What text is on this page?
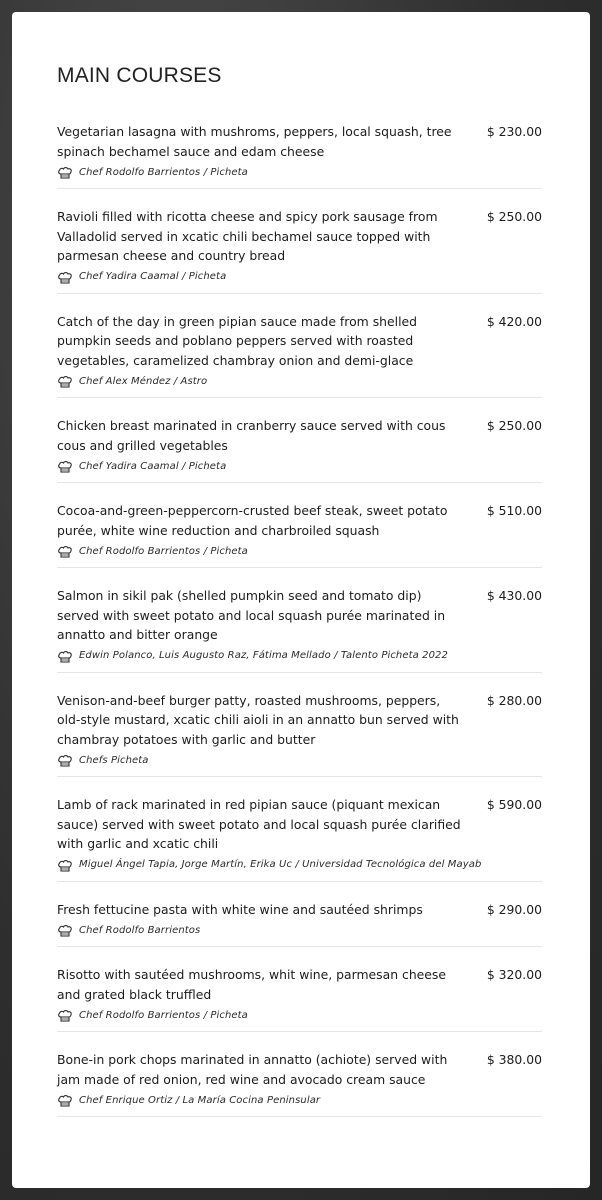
MAIN COURSES
Vegetarian lasagna with mushroms, peppers, local squash, tree spinach bechamel sauce and edam cheese
$ 230.00
Chef Rodolfo Barrientos / Picheta
Ravioli filled with ricotta cheese and spicy pork sausage from Valladolid served in xcatic chili bechamel sauce topped with parmesan cheese and country bread
$ 250.00
Chef Yadira Caamal / Picheta
Catch of the day in green pipian sauce made from shelled pumpkin seeds and poblano peppers served with roasted vegetables, caramelized chambray onion and demi-glace
$ 420.00
Chef Alex Méndez / Astro
Chicken breast marinated in cranberry sauce served with cous cous and grilled vegetables
$ 250.00
Chef Yadira Caamal / Picheta
Cocoa-and-green-peppercorn-crusted beef steak, sweet potato purée, white wine reduction and charbroiled squash
$ 510.00
Chef Rodolfo Barrientos / Picheta
Salmon in sikil pak (shelled pumpkin seed and tomato dip) served with sweet potato and local squash purée marinated in annatto and bitter orange
$ 430.00
Edwin Polanco, Luis Augusto Raz, Fátima Mellado / Talento Picheta 2022
Venison-and-beef burger patty, roasted mushrooms, peppers, old-style mustard, xcatic chili aioli in an annatto bun served with chambray potatoes with garlic and butter
$ 280.00
Chefs Picheta
Lamb of rack marinated in red pipian sauce (piquant mexican sauce) served with sweet potato and local squash purée clarified with garlic and xcatic chili
$ 590.00
Miguel Ángel Tapia, Jorge Martín, Erika Uc / Universidad Tecnológica del Mayab
Fresh fettucine pasta with white wine and sautéed shrimps	$ 290.00
Chef Rodolfo Barrientos
Risotto with sautéed mushrooms, whit wine, parmesan cheese and grated black truffled
$ 320.00
Chef Rodolfo Barrientos / Picheta
Bone-in pork chops marinated in annatto (achiote) served with jam made of red onion, red wine and avocado cream sauce
$ 380.00
Chef Enrique Ortiz / La María Cocina Peninsular
